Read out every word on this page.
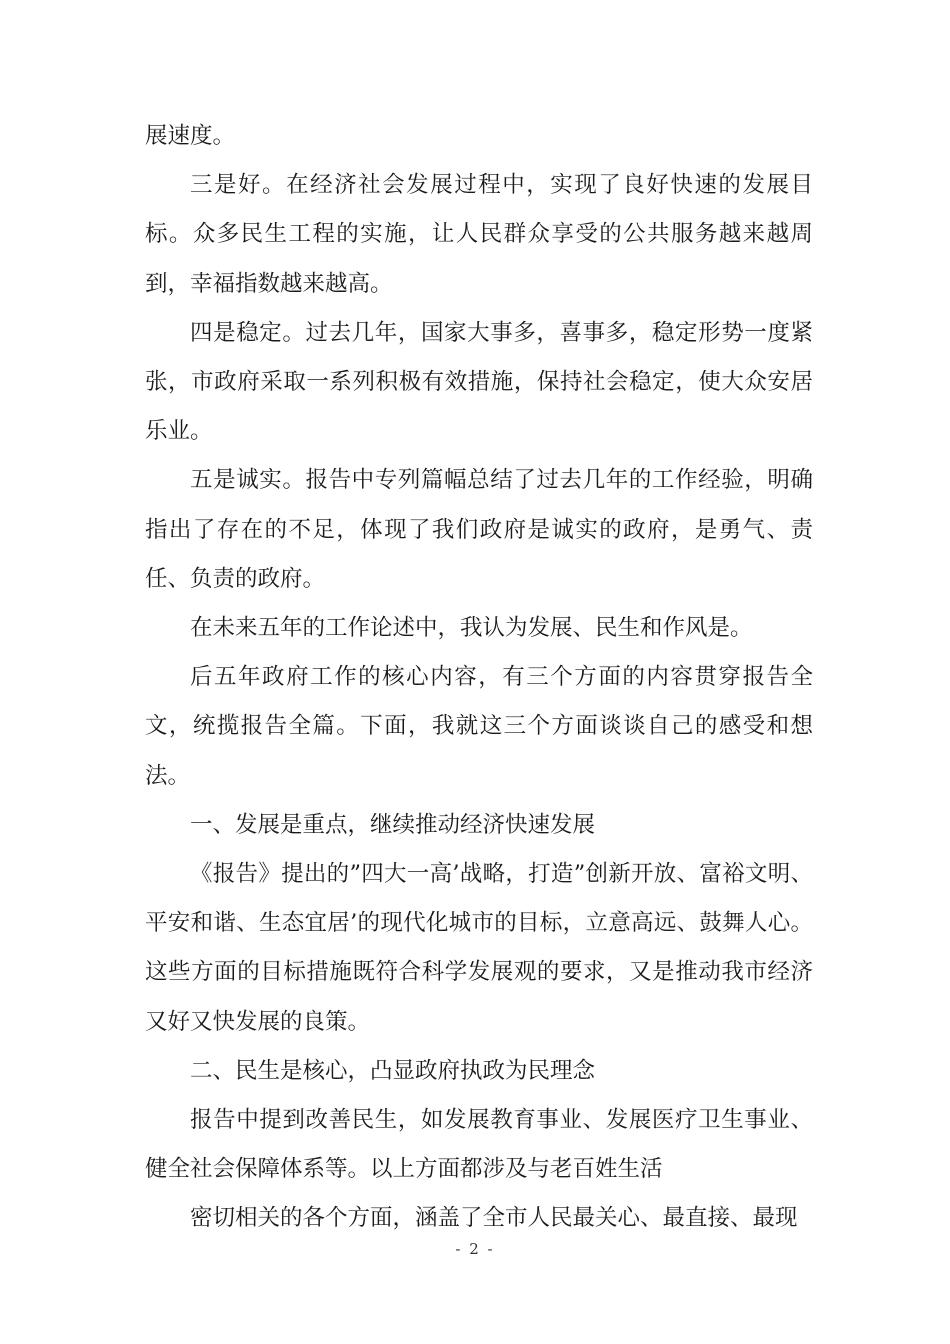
展速度。

三是好。在经济社会发展过程中，实现了良好快速的发展目标。众多民生工程的实施，让人民群众享受的公共服务越来越周到，幸福指数越来越高。

四是稳定。过去几年，国家大事多，喜事多，稳定形势一度紧张，市政府采取一系列积极有效措施，保持社会稳定，使大众安居乐业。

五是诚实。报告中专列篇幅总结了过去几年的工作经验，明确指出了存在的不足，体现了我们政府是诚实的政府，是勇气、责任、负责的政府。

在未来五年的工作论述中，我认为发展、民生和作风是。

后五年政府工作的核心内容，有三个方面的内容贯穿报告全文，统揽报告全篇。下面，我就这三个方面谈谈自己的感受和想法。

一、发展是重点，继续推动经济快速发展

《报告》提出的”四大一高’战略，打造”创新开放、富裕文明、平安和谐、生态宜居’的现代化城市的目标，立意高远、鼓舞人心。这些方面的目标措施既符合科学发展观的要求，又是推动我市经济又好又快发展的良策。

二、民生是核心，凸显政府执政为民理念

报告中提到改善民生，如发展教育事业、发展医疗卫生事业、健全社会保障体系等。以上方面都涉及与老百姓生活

密切相关的各个方面，涵盖了全市人民最关心、最直接、最现

- 2 -
